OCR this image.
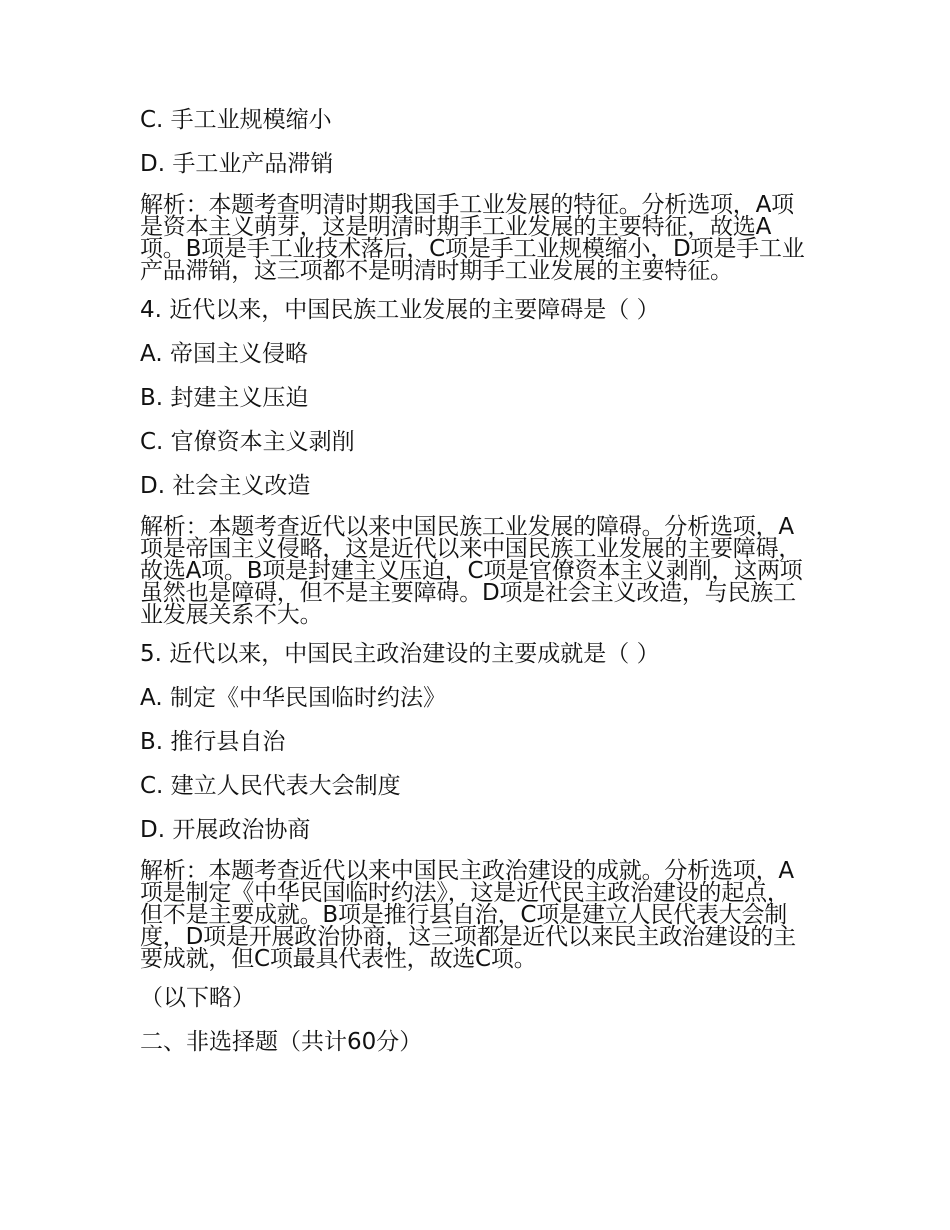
C. 手工业规模缩小
D. 手工业产品滞销
解析：本题考查明清时期我国手工业发展的特征。分析选项，A项是资本主义萌芽，这是明清时期手工业发展的主要特征，故选A项。B项是手工业技术落后，C项是手工业规模缩小，D项是手工业产品滞销，这三项都不是明清时期手工业发展的主要特征。
4. 近代以来，中国民族工业发展的主要障碍是（ ）
A. 帝国主义侵略
B. 封建主义压迫
C. 官僚资本主义剥削
D. 社会主义改造
解析：本题考查近代以来中国民族工业发展的障碍。分析选项，A项是帝国主义侵略，这是近代以来中国民族工业发展的主要障碍，故选A项。B项是封建主义压迫，C项是官僚资本主义剥削，这两项虽然也是障碍，但不是主要障碍。D项是社会主义改造，与民族工业发展关系不大。
5. 近代以来，中国民主政治建设的主要成就是（ ）
A. 制定《中华民国临时约法》
B. 推行县自治
C. 建立人民代表大会制度
D. 开展政治协商
解析：本题考查近代以来中国民主政治建设的成就。分析选项，A项是制定《中华民国临时约法》，这是近代民主政治建设的起点，但不是主要成就。B项是推行县自治，C项是建立人民代表大会制度，D项是开展政治协商，这三项都是近代以来民主政治建设的主要成就，但C项最具代表性，故选C项。
（以下略）
二、非选择题（共计60分）
